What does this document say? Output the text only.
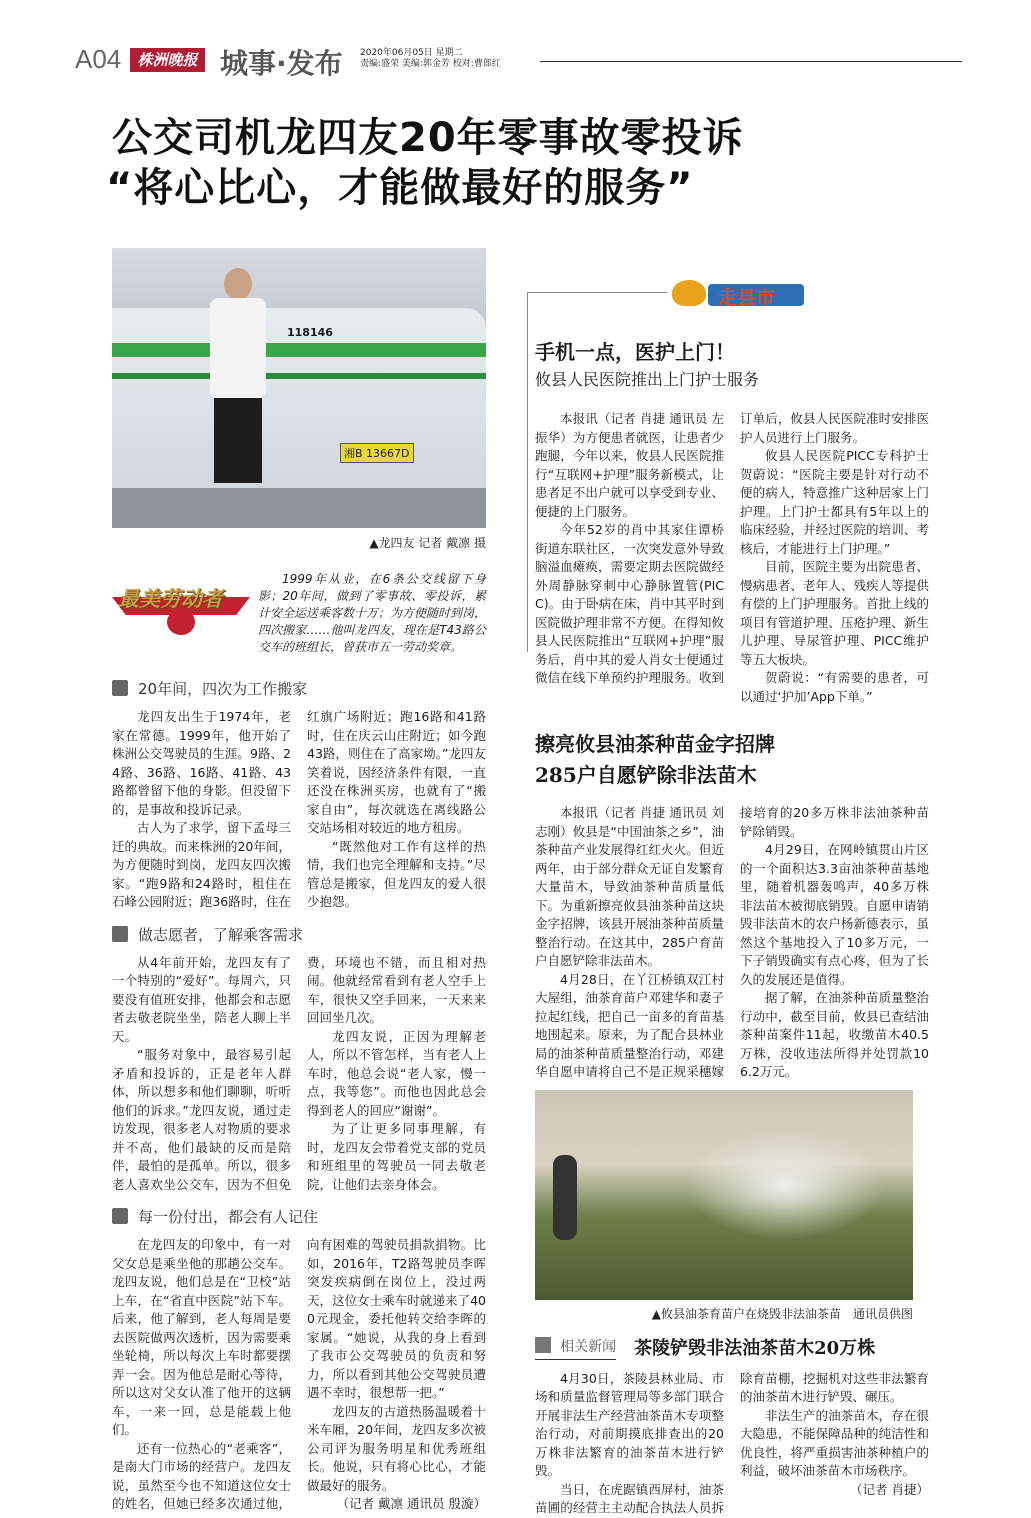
A04	株洲晚报 城事·发布 2020年06月05日 星期二
责编:盛荣 美编:郭金芳 校对:曹郎红
公交司机龙四友20年零事故零投诉
“将心比心，才能做最好的服务”
118146
湘B 13667D
▲龙四友 记者 戴凛 摄
最美劳动者

1999年从业，在6条公交线留下身影；20年间，做到了零事故、零投诉，累计安全运送乘客数十万；为方便随时到岗，四次搬家……他叫龙四友，现在是T43路公交车的班组长，曾获市五一劳动奖章。

20年间，四次为工作搬家

龙四友出生于1974年，老家在常德。1999年，他开始了株洲公交驾驶员的生涯。9路、24路、36路、16路、41路、43路都曾留下他的身影。但没留下的，是事故和投诉记录。

古人为了求学，留下孟母三迁的典故。而来株洲的20年间，为方便随时到岗，龙四友四次搬家。“跑9路和24路时，租住在石峰公园附近；跑36路时，住在红旗广场附近；跑16路和41路时，住在庆云山庄附近；如今跑43路，则住在了高家坳。”龙四友笑着说，因经济条件有限，一直还没在株洲买房，也就有了“搬家自由”，每次就选在离线路公交站场相对较近的地方租房。

“既然他对工作有这样的热情，我们也完全理解和支持。”尽管总是搬家，但龙四友的爱人很少抱怨。

做志愿者，了解乘客需求

从4年前开始，龙四友有了一个特别的“爱好”。每周六，只要没有值班安排，他都会和志愿者去敬老院坐坐，陪老人聊上半天。

“服务对象中，最容易引起矛盾和投诉的，正是老年人群体，所以想多和他们聊聊，听听他们的诉求。”龙四友说，通过走访发现，很多老人对物质的要求并不高，他们最缺的反而是陪伴，最怕的是孤单。所以，很多老人喜欢坐公交车，因为不但免费，环境也不错，而且相对热闹。他就经常看到有老人空手上车，很快又空手回来，一天来来回回坐几次。

龙四友说，正因为理解老人，所以不管怎样，当有老人上车时，他总会说“老人家，慢一点，我等您”。而他也因此总会得到老人的回应“谢谢”。

为了让更多同事理解，有时，龙四友会带着党支部的党员和班组里的驾驶员一同去敬老院，让他们去亲身体会。

每一份付出，都会有人记住

在龙四友的印象中，有一对父女总是乘坐他的那趟公交车。龙四友说，他们总是在“卫校”站上车，在“省直中医院”站下车。后来，他了解到，老人每周是要去医院做两次透析，因为需要乘坐轮椅，所以每次上车时都要摆弄一会。因为他总是耐心等待，所以这对父女认准了他开的这辆车，一来一回，总是能载上他们。

还有一位热心的“老乘客”，是南大门市场的经营户。龙四友说，虽然至今也不知道这位女士的姓名，但她已经多次通过他，向有困难的驾驶员捐款捐物。比如，2016年，T2路驾驶员李晖突发疾病倒在岗位上，没过两天，这位女士乘车时就递来了400元现金，委托他转交给李晖的家属。“她说，从我的身上看到了我市公交驾驶员的负责和努力，所以看到其他公交驾驶员遭遇不幸时，很想帮一把。”

龙四友的古道热肠温暖着十米车厢，20年间，龙四友多次被公司评为服务明星和优秀班组长。他说，只有将心比心，才能做最好的服务。

（记者 戴凛 通讯员 殷漩）

走县市
手机一点，医护上门！
攸县人民医院推出上门护士服务

本报讯（记者 肖捷 通讯员 左振华）为方便患者就医，让患者少跑腿，今年以来，攸县人民医院推行“互联网+护理”服务新模式，让患者足不出户就可以享受到专业、便捷的上门服务。

今年52岁的肖中其家住谭桥街道东联社区，一次突发意外导致脑溢血瘫痪，需要定期去医院做经外周静脉穿刺中心静脉置管(PICC)。由于卧病在床，肖中其平时到医院做护理非常不方便。在得知攸县人民医院推出“互联网+护理”服务后，肖中其的爱人肖女士便通过微信在线下单预约护理服务。收到订单后，攸县人民医院准时安排医护人员进行上门服务。

攸县人民医院PICC专科护士贺蔚说：“医院主要是针对行动不便的病人，特意推广这种居家上门护理。上门护士都具有5年以上的临床经验，并经过医院的培训、考核后，才能进行上门护理。”

目前，医院主要为出院患者、慢病患者、老年人、残疾人等提供有偿的上门护理服务。首批上线的项目有管道护理、压疮护理、新生儿护理、导尿管护理、PICC维护等五大板块。

贺蔚说：“有需要的患者，可以通过‘护加’App下单。”

擦亮攸县油茶种苗金字招牌
285户自愿铲除非法苗木

本报讯（记者 肖捷 通讯员 刘志刚）攸县是“中国油茶之乡”，油茶种苗产业发展得红红火火。但近两年，由于部分群众无证自发繁育大量苗木，导致油茶种苗质量低下。为重新擦亮攸县油茶种苗这块金字招牌，该县开展油茶种苗质量整治行动。在这其中，285户育苗户自愿铲除非法苗木。

4月28日，在丫江桥镇双江村大屋组，油茶育苗户邓建华和妻子拉起红线，把自己一亩多的育苗基地围起来。原来，为了配合县林业局的油茶种苗质量整治行动，邓建华自愿申请将自己不是正规采穗嫁接培育的20多万株非法油茶种苗铲除销毁。

4月29日，在网岭镇贯山片区的一个面积达3.3亩油茶种苗基地里，随着机器轰鸣声，40多万株非法苗木被彻底销毁。自愿申请销毁非法苗木的农户杨新德表示，虽然这个基地投入了10多万元，一下子销毁确实有点心疼，但为了长久的发展还是值得。

据了解，在油茶种苗质量整治行动中，截至目前，攸县已查结油茶种苗案件11起，收缴苗木40.5万株，没收违法所得并处罚款106.2万元。

▲攸县油茶育苗户在烧毁非法油茶苗　通讯员供图
相关新闻 茶陵铲毁非法油茶苗木20万株

4月30日，茶陵县林业局、市场和质量监督管理局等多部门联合开展非法生产经营油茶苗木专项整治行动，对前期摸底排查出的20万株非法繁育的油茶苗木进行铲毁。

当日，在虎踞镇西屏村，油茶苗圃的经营主主动配合执法人员拆除育苗棚，挖掘机对这些非法繁育的油茶苗木进行铲毁、碾压。

非法生产的油茶苗木，存在很大隐患，不能保障品种的纯洁性和优良性，将严重损害油茶种植户的利益，破坏油茶苗木市场秩序。

（记者 肖捷）
